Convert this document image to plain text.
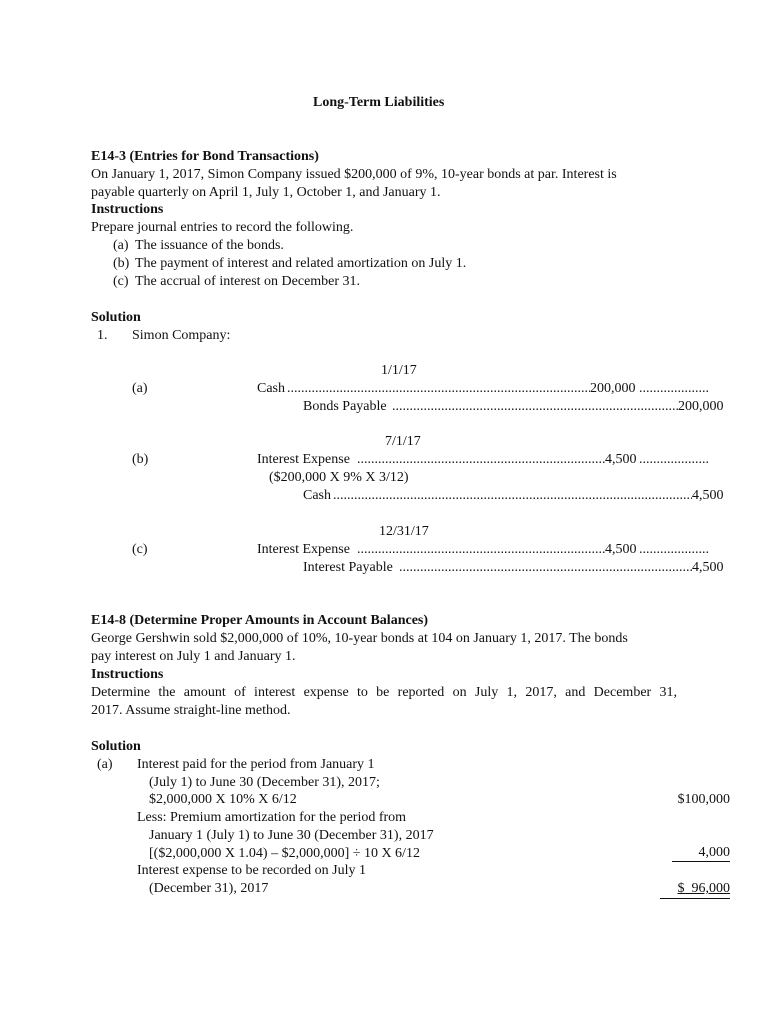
Long-Term Liabilities
E14-3 (Entries for Bond Transactions)
On January 1, 2017, Simon Company issued $200,000 of 9%, 10-year bonds at par. Interest is
payable quarterly on April 1, July 1, October 1, and January 1.
Instructions
Prepare journal entries to record the following.
(a) The issuance of the bonds.
(b) The payment of interest and related amortization on July 1.
(c) The accrual of interest on December 31.
Solution
1. Simon Company:
1/1/17
(a)	Cash .....	200,000
.....
Bonds Payable .....	200,000
7/1/17
(b)	Interest Expense .....	4,500
.....
($200,000 X 9% X 3/12)
Cash .....	4,500
12/31/17
(c)	Interest Expense .....	4,500
.....
Interest Payable .....	4,500
E14-8 (Determine Proper Amounts in Account Balances)
George Gershwin sold $2,000,000 of 10%, 10-year bonds at 104 on January 1, 2017. The bonds
pay interest on July 1 and January 1.
Instructions
Determine the amount of interest expense to be reported on July 1, 2017, and December 31,
2017. Assume straight-line method.
Solution
(a) Interest paid for the period from January 1
(July 1) to June 30 (December 31), 2017;
$2,000,000 X 10% X 6/12	$100,000
Less: Premium amortization for the period from
January 1 (July 1) to June 30 (December 31), 2017
[($2,000,000 X 1.04) – $2,000,000] ÷ 10 X 6/12	4,000
Interest expense to be recorded on July 1
(December 31), 2017	$  96,000
